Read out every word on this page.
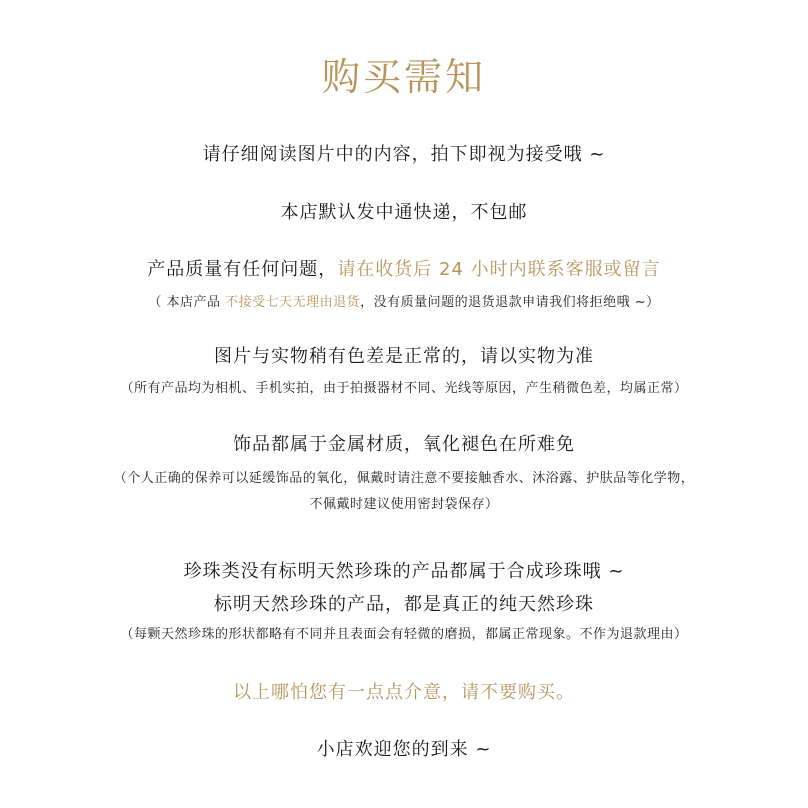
购买需知
请仔细阅读图片中的内容，拍下即视为接受哦 ~
本店默认发中通快递，不包邮
产品质量有任何问题，请在收货后 24 小时内联系客服或留言
（ 本店产品 不接受七天无理由退货，没有质量问题的退货退款申请我们将拒绝哦 ~）
图片与实物稍有色差是正常的，请以实物为准
（所有产品均为相机、手机实拍，由于拍摄器材不同、光线等原因，产生稍微色差，均属正常）
饰品都属于金属材质，氧化褪色在所难免
（个人正确的保养可以延缓饰品的氧化，佩戴时请注意不要接触香水、沐浴露、护肤品等化学物，
不佩戴时建议使用密封袋保存）
珍珠类没有标明天然珍珠的产品都属于合成珍珠哦 ~
标明天然珍珠的产品，都是真正的纯天然珍珠
（每颗天然珍珠的形状都略有不同并且表面会有轻微的磨损，都属正常现象。不作为退款理由）
以上哪怕您有一点点介意，请不要购买。
小店欢迎您的到来 ~
